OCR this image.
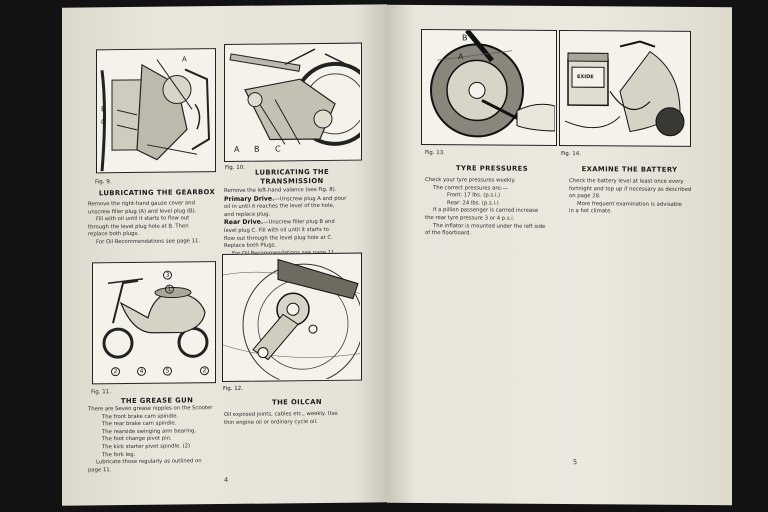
A
B
C
Fig. 9.
LUBRICATING THE GEARBOX
Remove the right-hand gauze cover and
unscrew filler plug (A) and level plug (B).
Fill with oil until it starts to flow out
through the level plug hole at B. Then
replace both plugs.
For Oil Recommendations see page 11.
A B C
Fig. 10.
LUBRICATING THE
TRANSMISSION
Remove the left-hand valance (see Fig. 8).
Primary Drive.—Unscrew plug A and pour
oil in until it reaches the level of the hole,
and replace plug.
Rear Drive.—Unscrew filler plug B and
level plug C. Fill with oil until it starts to
flow out through the level plug hole at C.
Replace both Plugs.
3
1
2	4	5	2
Fig. 11.
THE GREASE GUN
There are Seven grease nipples on the Scooter
The front brake cam spindle.
The rear brake cam spindle.
The rearside swinging arm bearing.
The foot change pivot pin.
The kick starter pivot spindle. (2)
The fork leg.
Lubricate those regularly as outlined on
page 11.
Fig. 12.
THE OILCAN
Oil exposed joints, cables etc., weekly. Use
thin engine oil or ordinary cycle oil.
4
B
A
Fig. 13.
TYRE PRESSURES
Check your tyre pressures weekly.
The correct pressures are:—
Front: 17 lbs. (p.s.i.)
Rear: 24 lbs. (p.s.i.)
If a pillion passenger is carried increase
the rear tyre pressure 3 or 4 p.s.i.
The inflator is mounted under the left side
of the floorboard.
EXIDE
Fig. 14.
EXAMINE THE BATTERY
Check the battery level at least once every
fortnight and top up if necessary as described
on page 28.
More frequent examination is advisable
in a hot climate.
5
